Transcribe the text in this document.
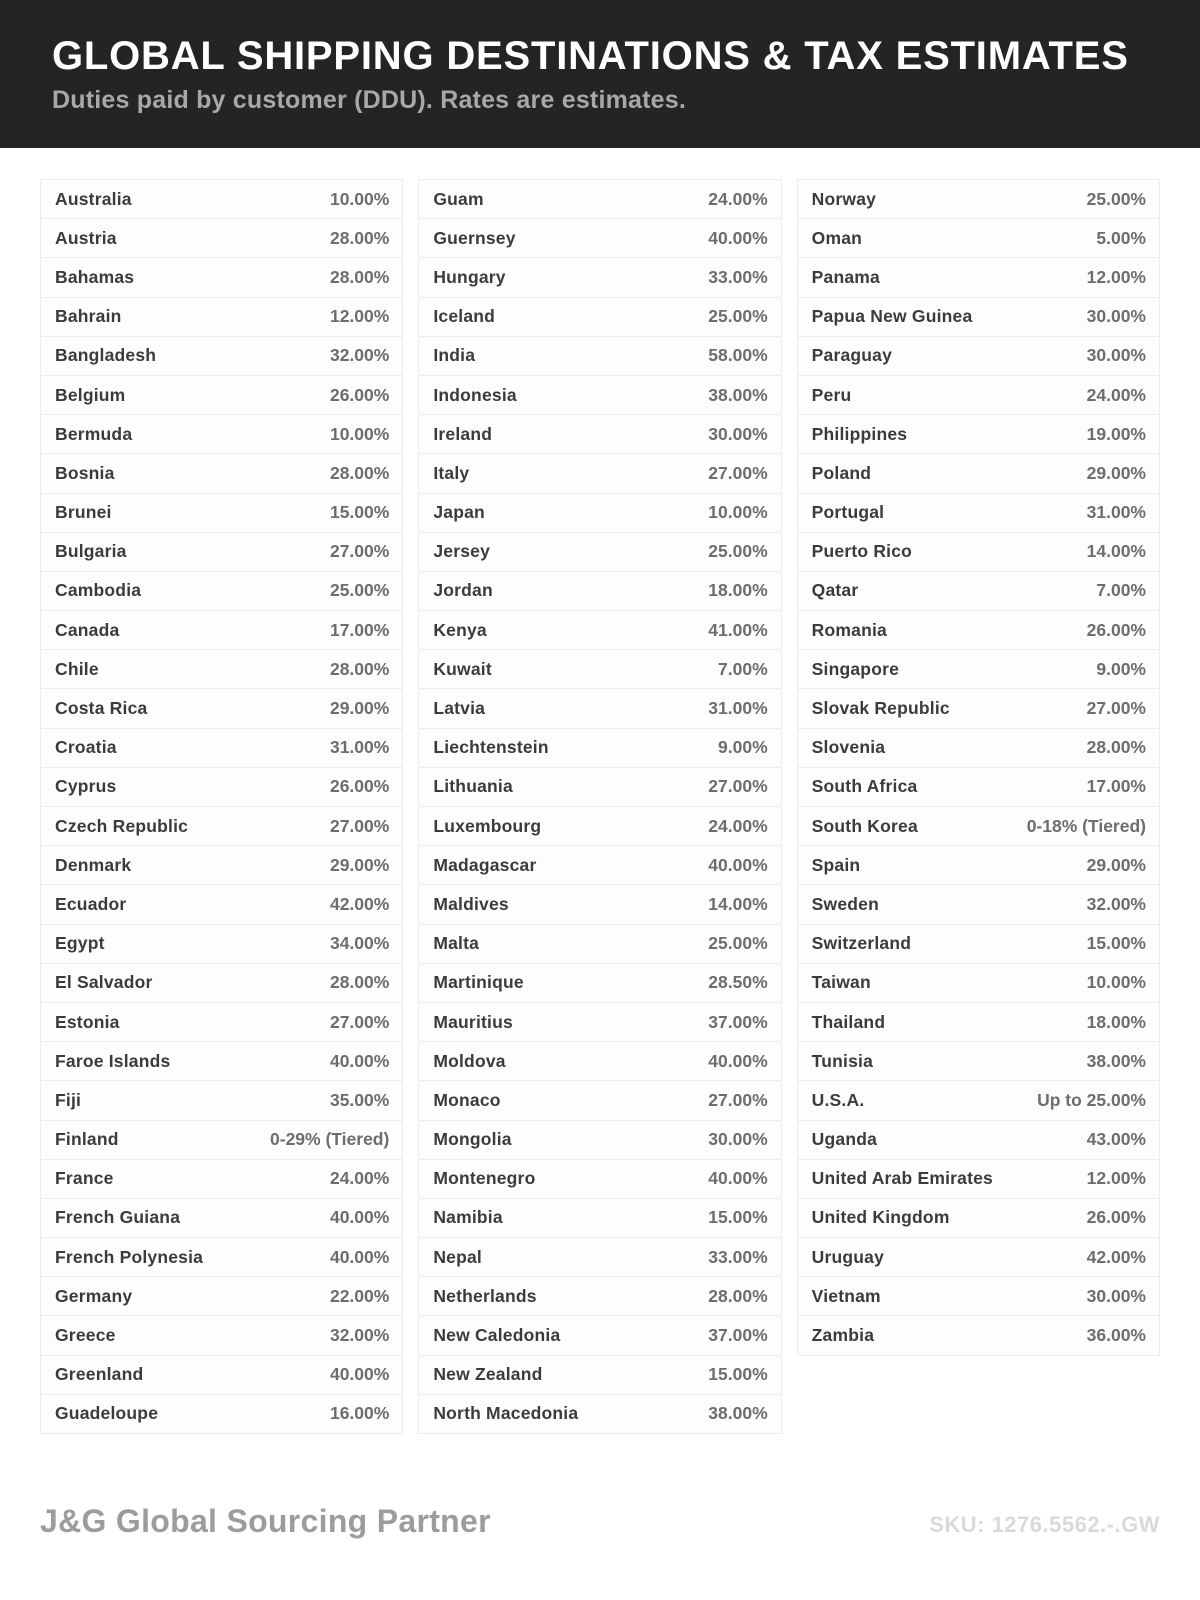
GLOBAL SHIPPING DESTINATIONS & TAX ESTIMATES

Duties paid by customer (DDU). Rates are estimates.

Australia	10.00%
Austria	28.00%
Bahamas	28.00%
Bahrain	12.00%
Bangladesh	32.00%
Belgium	26.00%
Bermuda	10.00%
Bosnia	28.00%
Brunei	15.00%
Bulgaria	27.00%
Cambodia	25.00%
Canada	17.00%
Chile	28.00%
Costa Rica	29.00%
Croatia	31.00%
Cyprus	26.00%
Czech Republic	27.00%
Denmark	29.00%
Ecuador	42.00%
Egypt	34.00%
El Salvador	28.00%
Estonia	27.00%
Faroe Islands	40.00%
Fiji	35.00%
Finland	0-29% (Tiered)
France	24.00%
French Guiana	40.00%
French Polynesia	40.00%
Germany	22.00%
Greece	32.00%
Greenland	40.00%
Guadeloupe	16.00%
Guam	24.00%
Guernsey	40.00%
Hungary	33.00%
Iceland	25.00%
India	58.00%
Indonesia	38.00%
Ireland	30.00%
Italy	27.00%
Japan	10.00%
Jersey	25.00%
Jordan	18.00%
Kenya	41.00%
Kuwait	7.00%
Latvia	31.00%
Liechtenstein	9.00%
Lithuania	27.00%
Luxembourg	24.00%
Madagascar	40.00%
Maldives	14.00%
Malta	25.00%
Martinique	28.50%
Mauritius	37.00%
Moldova	40.00%
Monaco	27.00%
Mongolia	30.00%
Montenegro	40.00%
Namibia	15.00%
Nepal	33.00%
Netherlands	28.00%
New Caledonia	37.00%
New Zealand	15.00%
North Macedonia	38.00%
Norway	25.00%
Oman	5.00%
Panama	12.00%
Papua New Guinea	30.00%
Paraguay	30.00%
Peru	24.00%
Philippines	19.00%
Poland	29.00%
Portugal	31.00%
Puerto Rico	14.00%
Qatar	7.00%
Romania	26.00%
Singapore	9.00%
Slovak Republic	27.00%
Slovenia	28.00%
South Africa	17.00%
South Korea	0-18% (Tiered)
Spain	29.00%
Sweden	32.00%
Switzerland	15.00%
Taiwan	10.00%
Thailand	18.00%
Tunisia	38.00%
U.S.A.	Up to 25.00%
Uganda	43.00%
United Arab Emirates	12.00%
United Kingdom	26.00%
Uruguay	42.00%
Vietnam	30.00%
Zambia	36.00%
J&G Global Sourcing Partner	SKU: 1276.5562.-.GW
